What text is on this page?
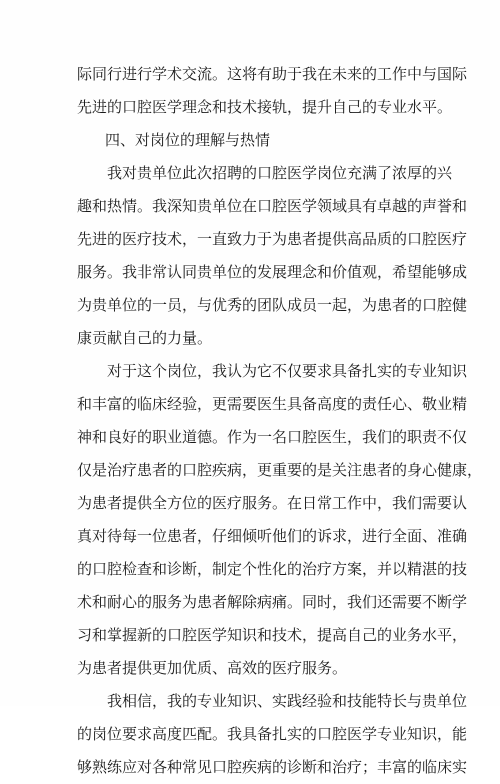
际同行进行学术交流。这将有助于我在未来的工作中与国际
先进的口腔医学理念和技术接轨，提升自己的专业水平。
四、对岗位的理解与热情
我对贵单位此次招聘的口腔医学岗位充满了浓厚的兴
趣和热情。我深知贵单位在口腔医学领域具有卓越的声誉和
先进的医疗技术，一直致力于为患者提供高品质的口腔医疗
服务。我非常认同贵单位的发展理念和价值观，希望能够成
为贵单位的一员，与优秀的团队成员一起，为患者的口腔健
康贡献自己的力量。
对于这个岗位，我认为它不仅要求具备扎实的专业知识
和丰富的临床经验，更需要医生具备高度的责任心、敬业精
神和良好的职业道德。作为一名口腔医生，我们的职责不仅
仅是治疗患者的口腔疾病，更重要的是关注患者的身心健康，
为患者提供全方位的医疗服务。在日常工作中，我们需要认
真对待每一位患者，仔细倾听他们的诉求，进行全面、准确
的口腔检查和诊断，制定个性化的治疗方案，并以精湛的技
术和耐心的服务为患者解除病痛。同时，我们还需要不断学
习和掌握新的口腔医学知识和技术，提高自己的业务水平，
为患者提供更加优质、高效的医疗服务。
我相信，我的专业知识、实践经验和技能特长与贵单位
的岗位要求高度匹配。我具备扎实的口腔医学专业知识，能
够熟练应对各种常见口腔疾病的诊断和治疗；丰富的临床实
